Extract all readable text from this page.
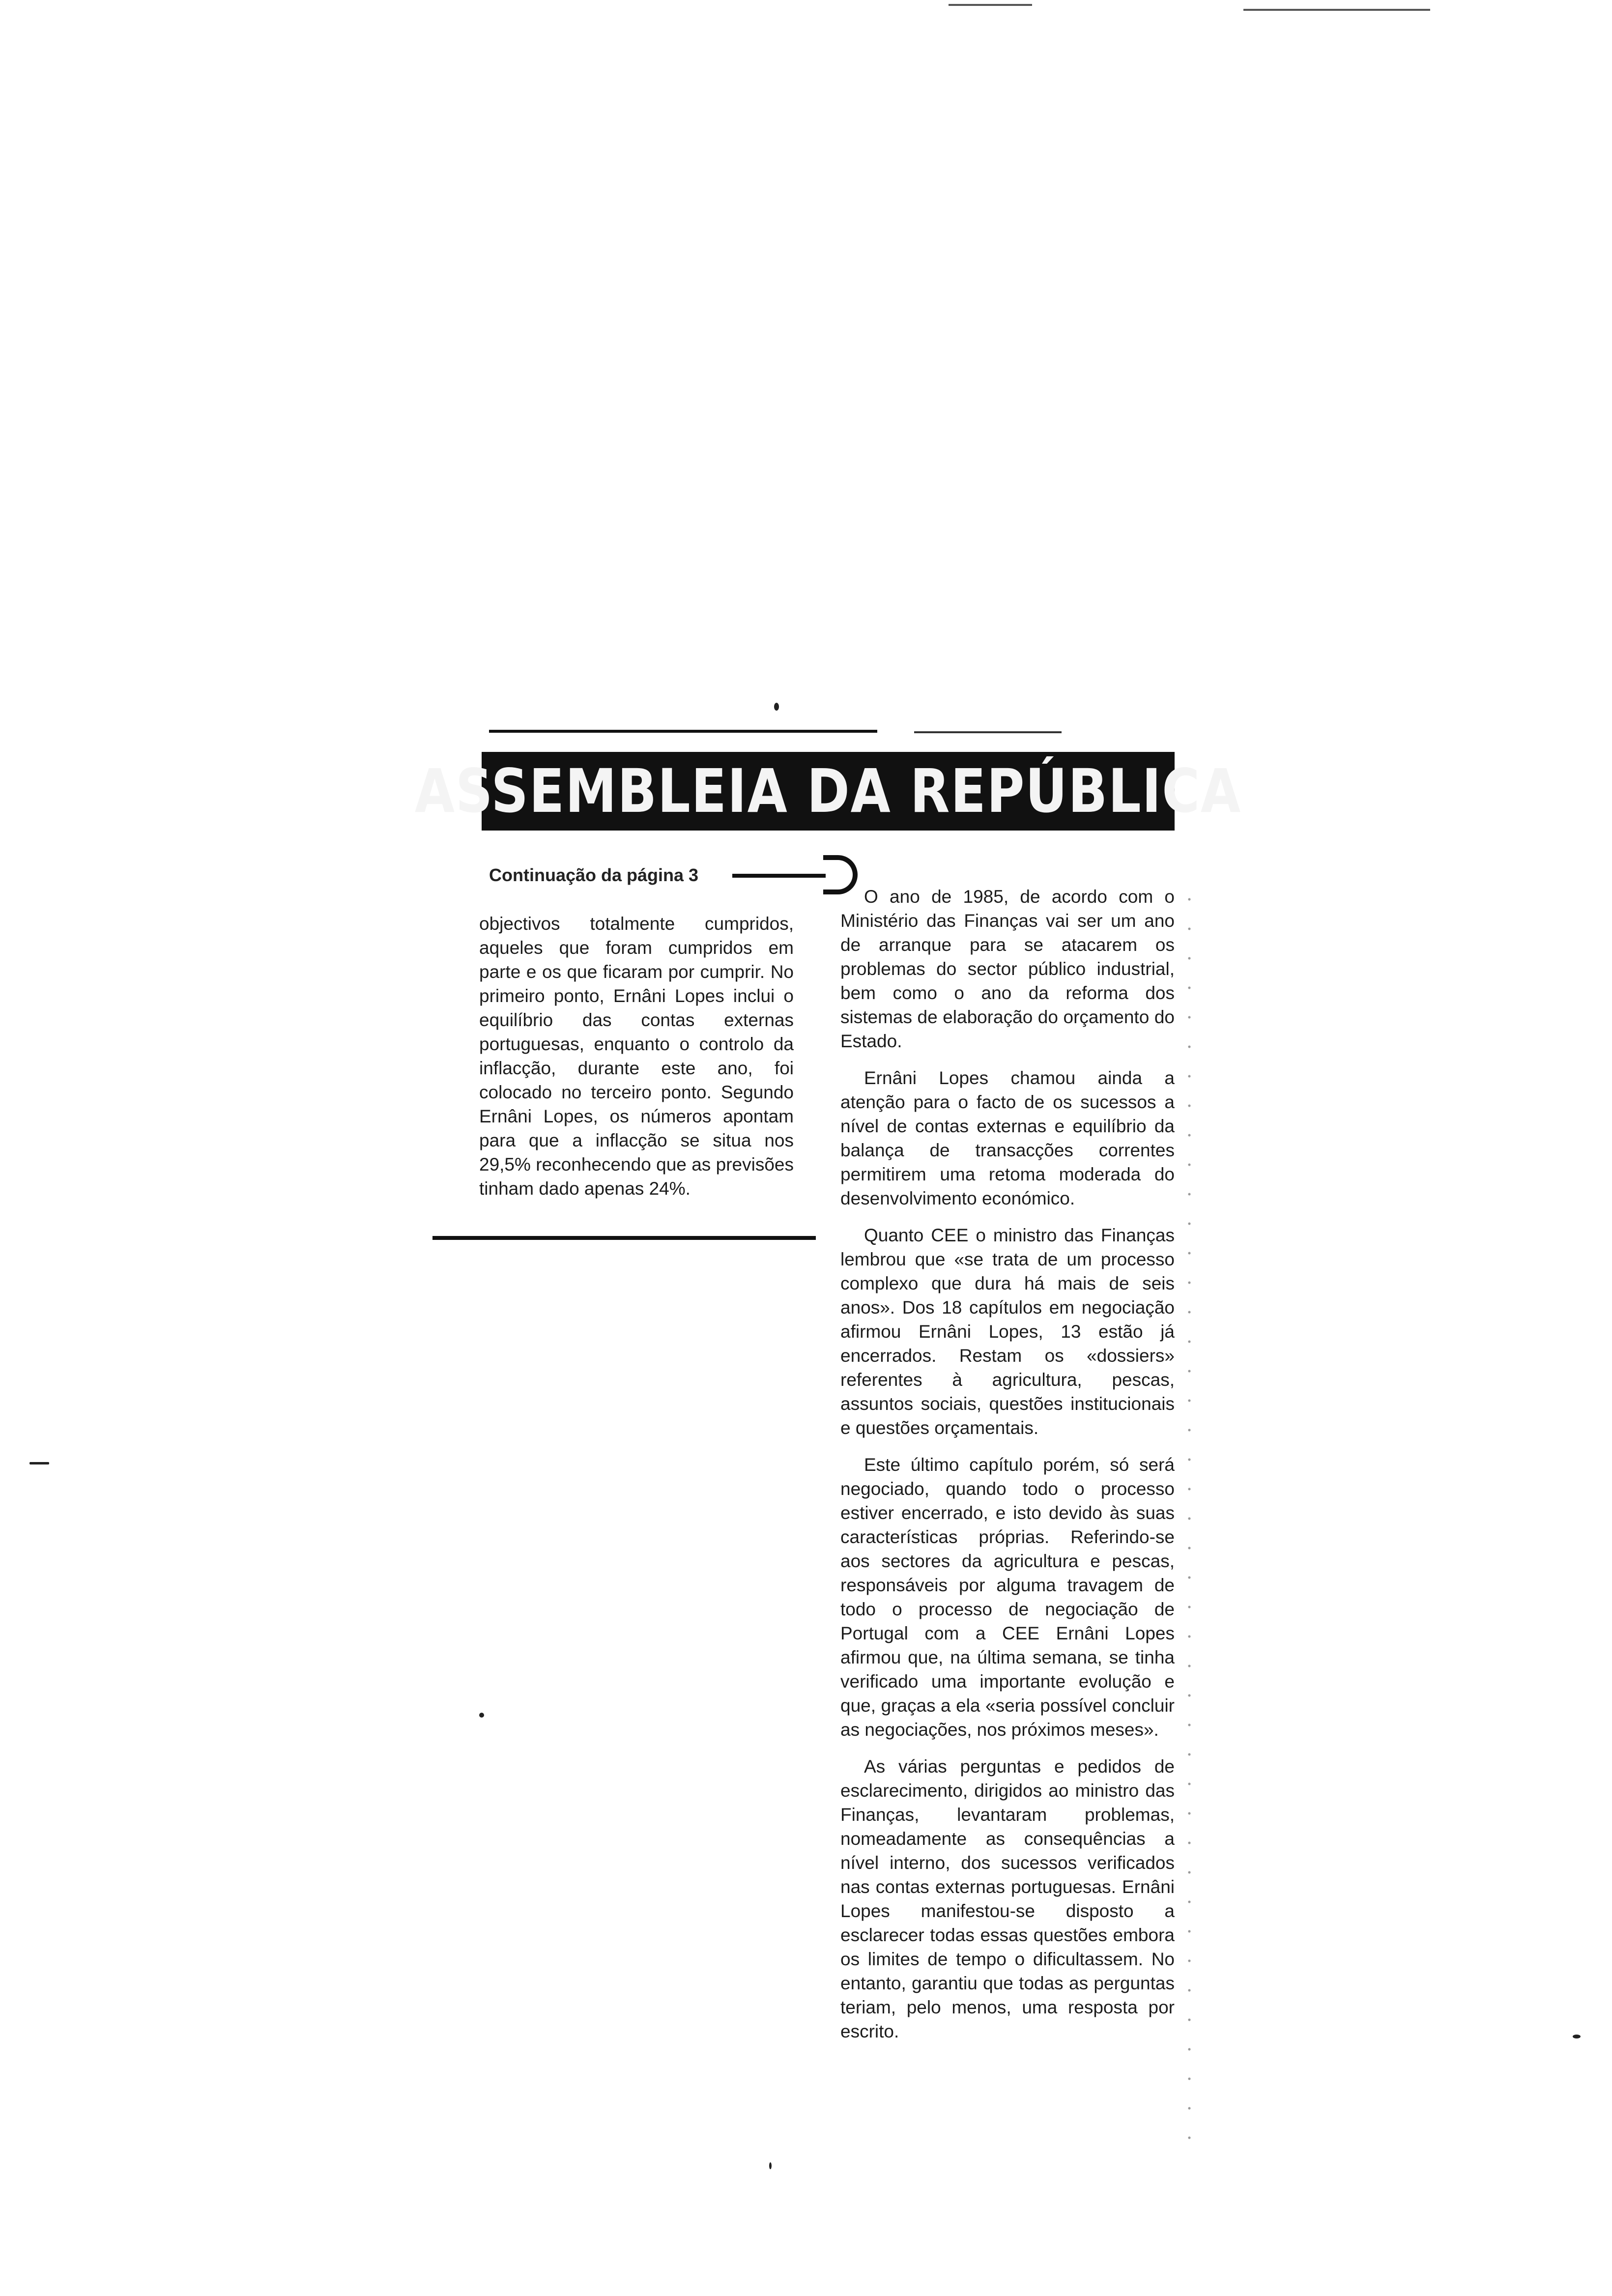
ASSEMBLEIA DA REPÚBLICA
Continuação da página 3

objectivos totalmente cumpridos, aqueles que foram cumpridos em parte e os que ficaram por cumprir. No primeiro ponto, Ernâni Lopes inclui o equilíbrio das contas externas portuguesas, enquanto o controlo da inflacção, durante este ano, foi colocado no terceiro ponto. Segundo Ernâni Lopes, os números apontam para que a inflacção se situa nos 29,5% reconhecendo que as previsões tinham dado apenas 24%.

O ano de 1985, de acordo com o Ministério das Finanças vai ser um ano de arranque para se atacarem os problemas do sector público industrial, bem como o ano da reforma dos sistemas de elaboração do orçamento do Estado.

Ernâni Lopes chamou ainda a atenção para o facto de os sucessos a nível de contas externas e equilíbrio da balança de transacções correntes permitirem uma retoma moderada do desenvolvimento económico.

Quanto CEE o ministro das Finanças lembrou que «se trata de um processo complexo que dura há mais de seis anos». Dos 18 capítulos em negociação afirmou Ernâni Lopes, 13 estão já encerrados. Restam os «dossiers» referentes à agricultura, pescas, assuntos sociais, questões institucionais e questões orçamentais.

Este último capítulo porém, só será negociado, quando todo o processo estiver encerrado, e isto devido às suas características próprias. Referindo-se aos sectores da agricultura e pescas, responsáveis por alguma travagem de todo o processo de negociação de Portugal com a CEE Ernâni Lopes afirmou que, na última semana, se tinha verificado uma importante evolução e que, graças a ela «seria possível concluir as negociações, nos próximos meses».

As várias perguntas e pedidos de esclarecimento, dirigidos ao ministro das Finanças, levantaram problemas, nomeadamente as consequências a nível interno, dos sucessos verificados nas contas externas portuguesas. Ernâni Lopes manifestou-se disposto a esclarecer todas essas questões embora os limites de tempo o dificultassem. No entanto, garantiu que todas as perguntas teriam, pelo menos, uma resposta por escrito.
